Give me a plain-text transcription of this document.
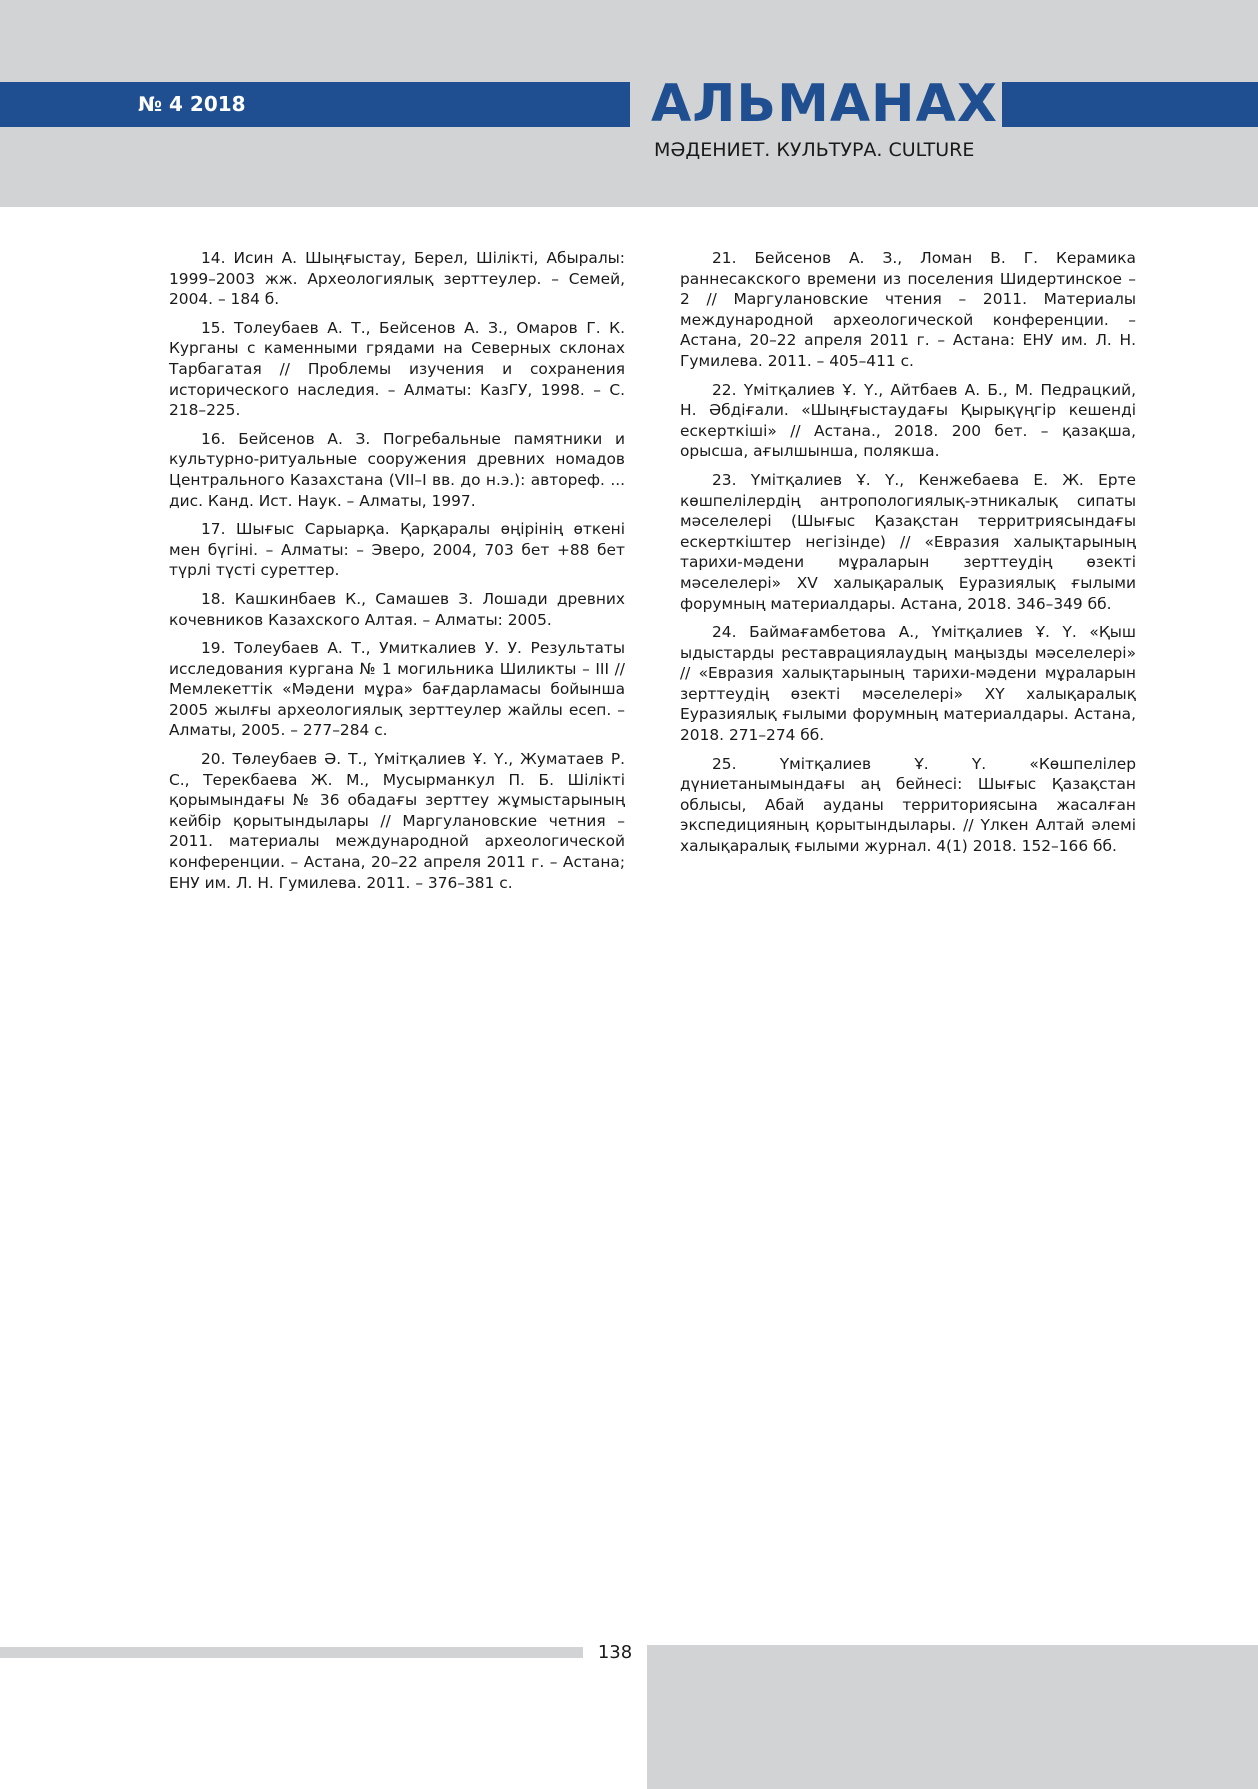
№ 4 2018	АЛЬМАНАХ
МӘДЕНИЕТ. КУЛЬТУРА. CULTURE

14. Исин А. Шыңғыстау, Берел, Шілікті, Абыралы: 1999–2003 жж. Археологиялық зерттеулер. – Семей, 2004. – 184 б.

15. Толеубаев А. Т., Бейсенов А. З., Омаров Г. К. Курганы с каменными грядами на Северных склонах Тарбагатая // Проблемы изучения и сохранения исторического наследия. – Алматы: КазГУ, 1998. – С. 218–225.

16. Бейсенов А. З. Погребальные памятники и культурно-ритуальные сооружения древних номадов Центрального Казахстана (VII–I вв. до н.э.): автореф. ... дис. Канд. Ист. Наук. – Алматы, 1997.

17. Шығыс Сарыарқа. Қарқаралы өңірінің өткені мен бүгіні. – Алматы: – Эверо, 2004, 703 бет +88 бет түрлі түсті суреттер.

18. Кашкинбаев К., Самашев З. Лошади древних кочевников Казахского Алтая. – Алматы: 2005.

19. Толеубаев А. Т., Умиткалиев У. У. Результаты исследования кургана № 1 могильника Шиликты – III // Мемлекеттік «Мәдени мұра» бағдарламасы бойынша 2005 жылғы археологиялық зерттеулер жайлы есеп. – Алматы, 2005. – 277–284 с.

20. Төлеубаев Ә. Т., Үмітқалиев Ұ. Ү., Жуматаев Р. С., Терекбаева Ж. М., Мусырманкул П. Б. Шілікті қорымындағы № 36 обадағы зерттеу жұмыстарының кейбір қорытындылары // Маргулановские четния – 2011. материалы международной археологической конференции. – Астана, 20–22 апреля 2011 г. – Астана; ЕНУ им. Л. Н. Гумилева. 2011. – 376–381 с.

21. Бейсенов А. З., Ломан В. Г. Керамика раннесакского времени из поселения Шидертинское – 2 // Маргулановские чтения – 2011. Материалы международной археологической конференции. – Астана, 20–22 апреля 2011 г. – Астана: ЕНУ им. Л. Н. Гумилева. 2011. – 405–411 с.

22. Үмітқалиев Ұ. Ү., Айтбаев А. Б., М. Педрацкий, Н. Әбдіғали. «Шыңғыстаудағы Қырықүңгір кешенді ескерткіші» // Астана., 2018. 200 бет. – қазақша, орысша, ағылшынша, полякша.

23. Үмітқалиев Ұ. Ү., Кенжебаева Е. Ж. Ерте көшпелілердің антропологиялық-этникалық сипаты мәселелері (Шығыс Қазақстан территриясындағы ескерткіштер негізінде) // «Евразия халықтарының тарихи-мәдени мұраларын зерттеудің өзекті мәселелері» XV халықаралық Еуразиялық ғылыми форумның материалдары. Астана, 2018. 346–349 бб.

24. Баймағамбетова А., Үмітқалиев Ұ. Ү. «Қыш ыдыстарды реставрациялаудың маңызды мәселелері» // «Евразия халықтарының тарихи-мәдени мұраларын зерттеудің өзекті мәселелері» ХҮ халықаралық Еуразиялық ғылыми форумның материалдары. Астана, 2018. 271–274 бб.

25. Үмітқалиев Ұ. Ү. «Көшпелілер дүниетанымындағы аң бейнесі: Шығыс Қазақстан облысы, Абай ауданы территориясына жасалған экспедицияның қорытындылары. // Үлкен Алтай әлемі халықаралық ғылыми журнал. 4(1) 2018. 152–166 бб.

138
